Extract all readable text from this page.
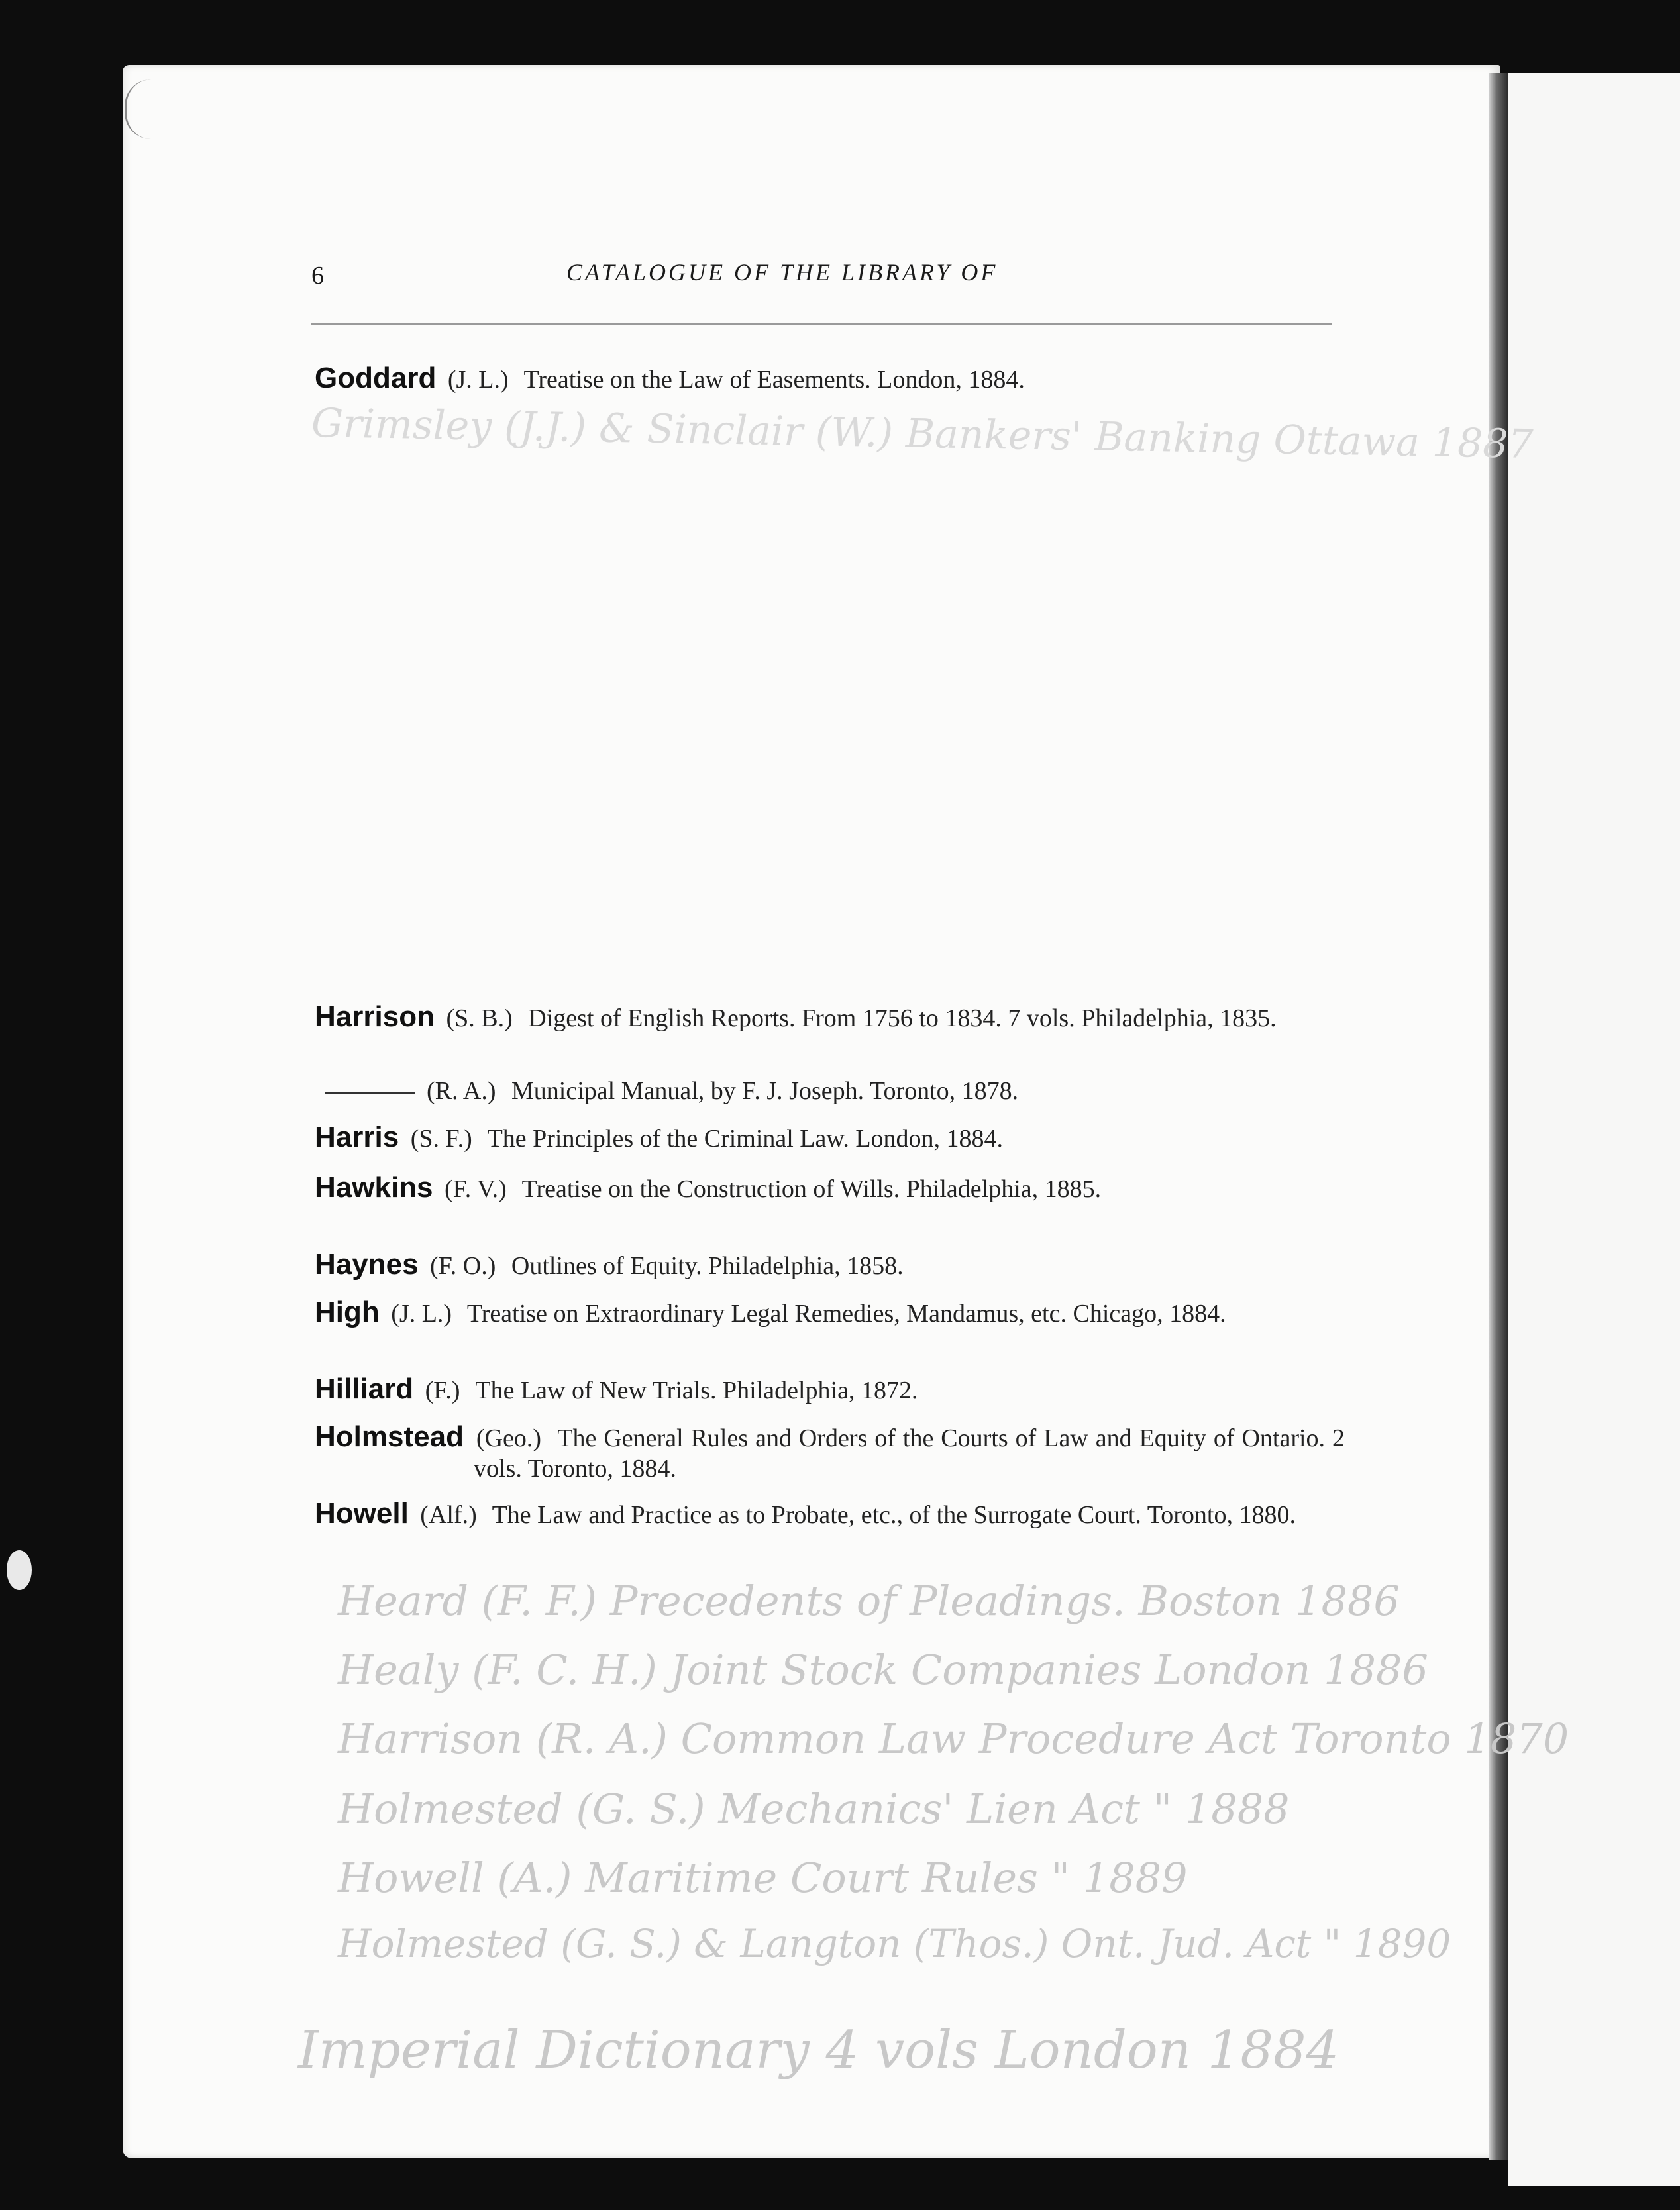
6	CATALOGUE OF THE LIBRARY OF
Goddard (J. L.) Treatise on the Law of Easements. London, 1884.
Grimsley (J.J.) & Sinclair (W.) Bankers' Banking Ottawa 1887
Harrison (S. B.) Digest of English Reports. From 1756 to 1834. 7 vols. Philadelphia, 1835.
(R. A.) Municipal Manual, by F. J. Joseph. Toronto, 1878.
Harris (S. F.) The Principles of the Criminal Law. London, 1884.
Hawkins (F. V.) Treatise on the Construction of Wills. Philadelphia, 1885.
Haynes (F. O.) Outlines of Equity. Philadelphia, 1858.
High (J. L.) Treatise on Extraordinary Legal Remedies, Mandamus, etc. Chicago, 1884.
Hilliard (F.) The Law of New Trials. Philadelphia, 1872.
Holmstead (Geo.) The General Rules and Orders of the Courts of Law and Equity of Ontario. 2 vols. Toronto, 1884.
Howell (Alf.) The Law and Practice as to Probate, etc., of the Surrogate Court. Toronto, 1880.
Heard (F. F.) Precedents of Pleadings. Boston 1886
Healy (F. C. H.) Joint Stock Companies London 1886
Harrison (R. A.) Common Law Procedure Act Toronto 1870
Holmested (G. S.) Mechanics' Lien Act " 1888
Howell (A.) Maritime Court Rules " 1889
Holmested (G. S.) & Langton (Thos.) Ont. Jud. Act " 1890
Imperial Dictionary 4 vols London 1884
